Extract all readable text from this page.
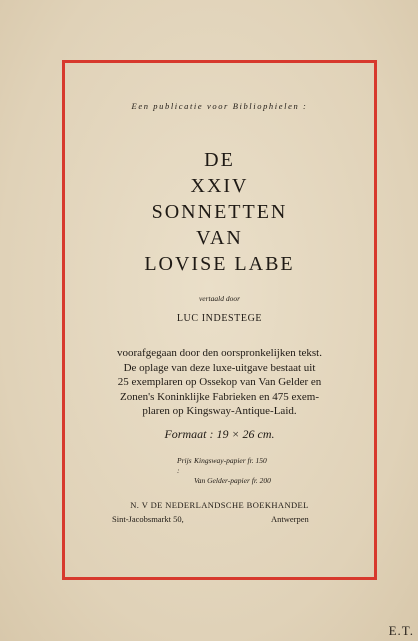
Een publicatie voor Bibliophielen :
DE
XXIV
SONNETTEN
VAN
LOVISE LABE
vertaald door
LUC INDESTEGE
voorafgegaan door den oorspronkelijken tekst.
De oplage van deze luxe-uitgave bestaat uit
25 exemplaren op Ossekop van Van Gelder en
Zonen's Koninklijke Fabrieken en 475 exem-
plaren op Kingsway-Antique-Laid.
Formaat : 19 × 26 cm.
Prijs :
Kingsway-papier fr. 150
Van Gelder-papier fr. 200
N. V DE NEDERLANDSCHE BOEKHANDEL
Sint-Jacobsmarkt 50,	Antwerpen
E.T.
